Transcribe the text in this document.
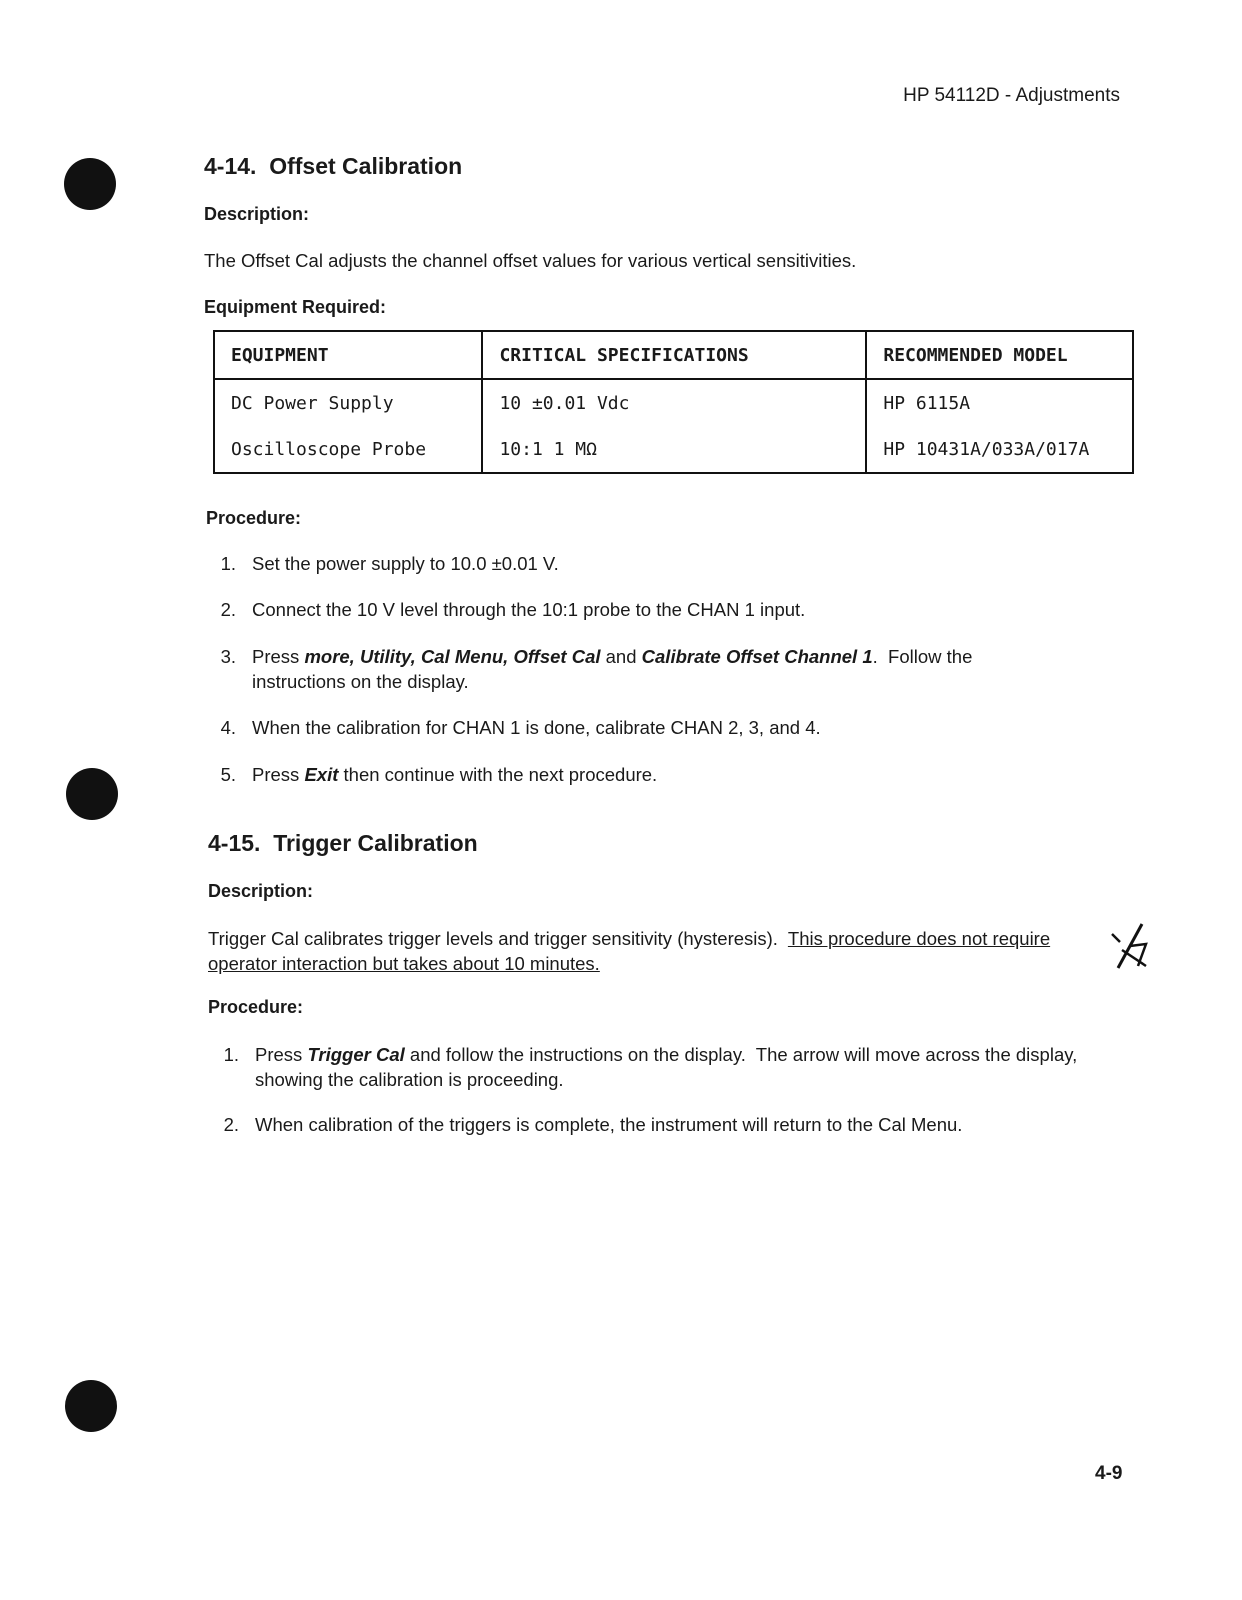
HP 54112D - Adjustments
4-14.  Offset Calibration
Description:
The Offset Cal adjusts the channel offset values for various vertical sensitivities.
Equipment Required:
EQUIPMENT	CRITICAL SPECIFICATIONS	RECOMMENDED MODEL
DC Power Supply	10 ±0.01 Vdc	HP 6115A
Oscilloscope Probe	10:1 1 MΩ	HP 10431A/033A/017A
Procedure:
1. Set the power supply to 10.0 ±0.01 V.
2. Connect the 10 V level through the 10:1 probe to the CHAN 1 input.
3. Press more, Utility, Cal Menu, Offset Cal and Calibrate Offset Channel 1.  Follow the instructions on the display.
4. When the calibration for CHAN 1 is done, calibrate CHAN 2, 3, and 4.
5. Press Exit then continue with the next procedure.
4-15.  Trigger Calibration
Description:
Trigger Cal calibrates trigger levels and trigger sensitivity (hysteresis).  This procedure does not require operator interaction but takes about 10 minutes.
Procedure:
1. Press Trigger Cal and follow the instructions on the display.  The arrow will move across the display, showing the calibration is proceeding.
2. When calibration of the triggers is complete, the instrument will return to the Cal Menu.
4-9
